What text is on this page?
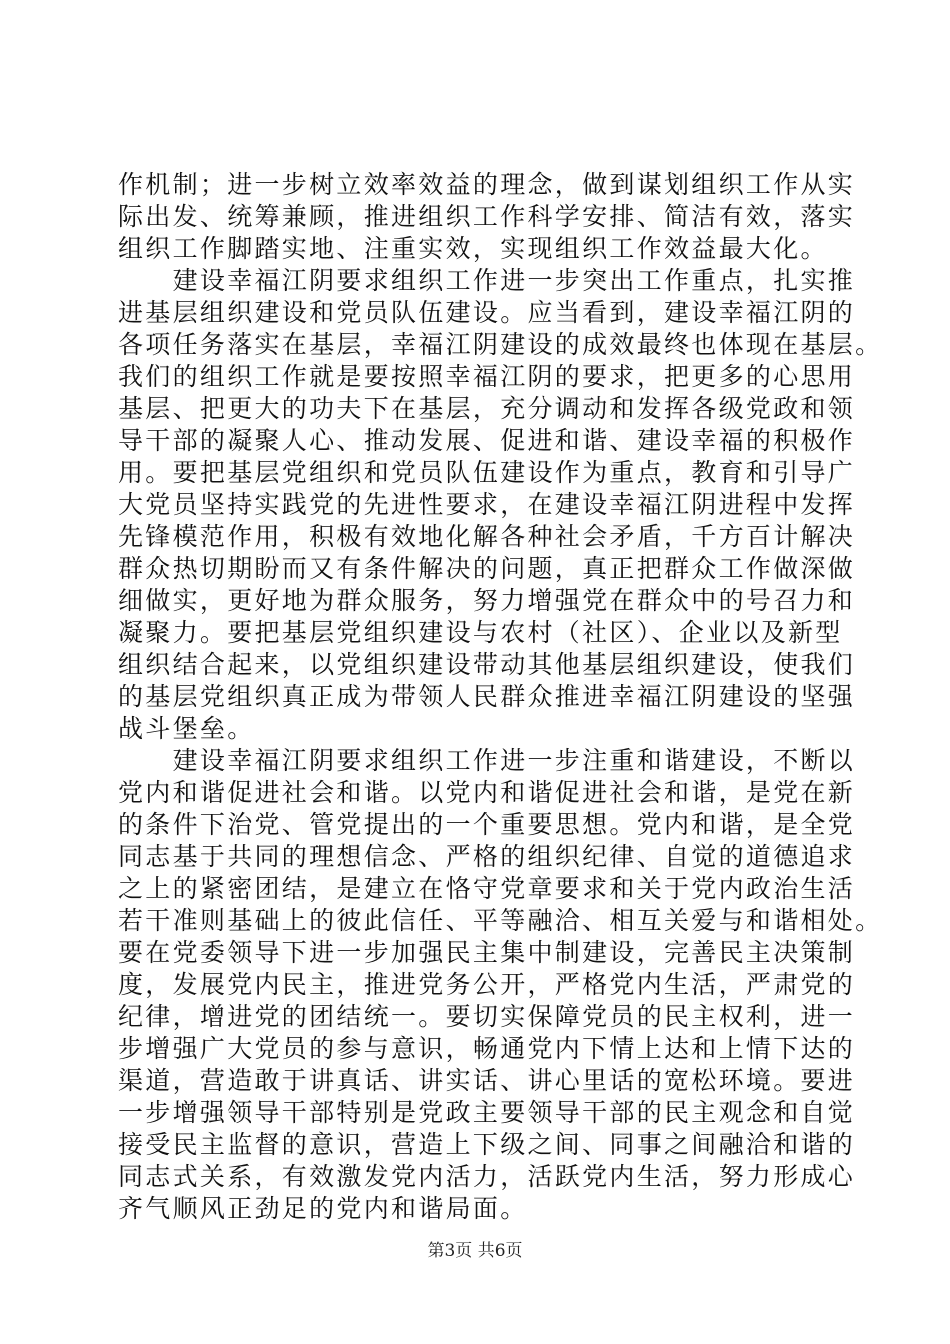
作机制；进一步树立效率效益的理念，做到谋划组织工作从实
际出发、统筹兼顾，推进组织工作科学安排、简洁有效，落实
组织工作脚踏实地、注重实效，实现组织工作效益最大化。
　　建设幸福江阴要求组织工作进一步突出工作重点，扎实推
进基层组织建设和党员队伍建设。应当看到，建设幸福江阴的
各项任务落实在基层，幸福江阴建设的成效最终也体现在基层。
我们的组织工作就是要按照幸福江阴的要求，把更多的心思用
基层、把更大的功夫下在基层，充分调动和发挥各级党政和领
导干部的凝聚人心、推动发展、促进和谐、建设幸福的积极作
用。要把基层党组织和党员队伍建设作为重点，教育和引导广
大党员坚持实践党的先进性要求，在建设幸福江阴进程中发挥
先锋模范作用，积极有效地化解各种社会矛盾，千方百计解决
群众热切期盼而又有条件解决的问题，真正把群众工作做深做
细做实，更好地为群众服务，努力增强党在群众中的号召力和
凝聚力。要把基层党组织建设与农村（社区）、企业以及新型
组织结合起来，以党组织建设带动其他基层组织建设，使我们
的基层党组织真正成为带领人民群众推进幸福江阴建设的坚强
战斗堡垒。
　　建设幸福江阴要求组织工作进一步注重和谐建设，不断以
党内和谐促进社会和谐。以党内和谐促进社会和谐，是党在新
的条件下治党、管党提出的一个重要思想。党内和谐，是全党
同志基于共同的理想信念、严格的组织纪律、自觉的道德追求
之上的紧密团结，是建立在恪守党章要求和关于党内政治生活
若干准则基础上的彼此信任、平等融洽、相互关爱与和谐相处。
要在党委领导下进一步加强民主集中制建设，完善民主决策制
度，发展党内民主，推进党务公开，严格党内生活，严肃党的
纪律，增进党的团结统一。要切实保障党员的民主权利，进一
步增强广大党员的参与意识，畅通党内下情上达和上情下达的
渠道，营造敢于讲真话、讲实话、讲心里话的宽松环境。要进
一步增强领导干部特别是党政主要领导干部的民主观念和自觉
接受民主监督的意识，营造上下级之间、同事之间融洽和谐的
同志式关系，有效激发党内活力，活跃党内生活，努力形成心
齐气顺风正劲足的党内和谐局面。
第3页 共6页
